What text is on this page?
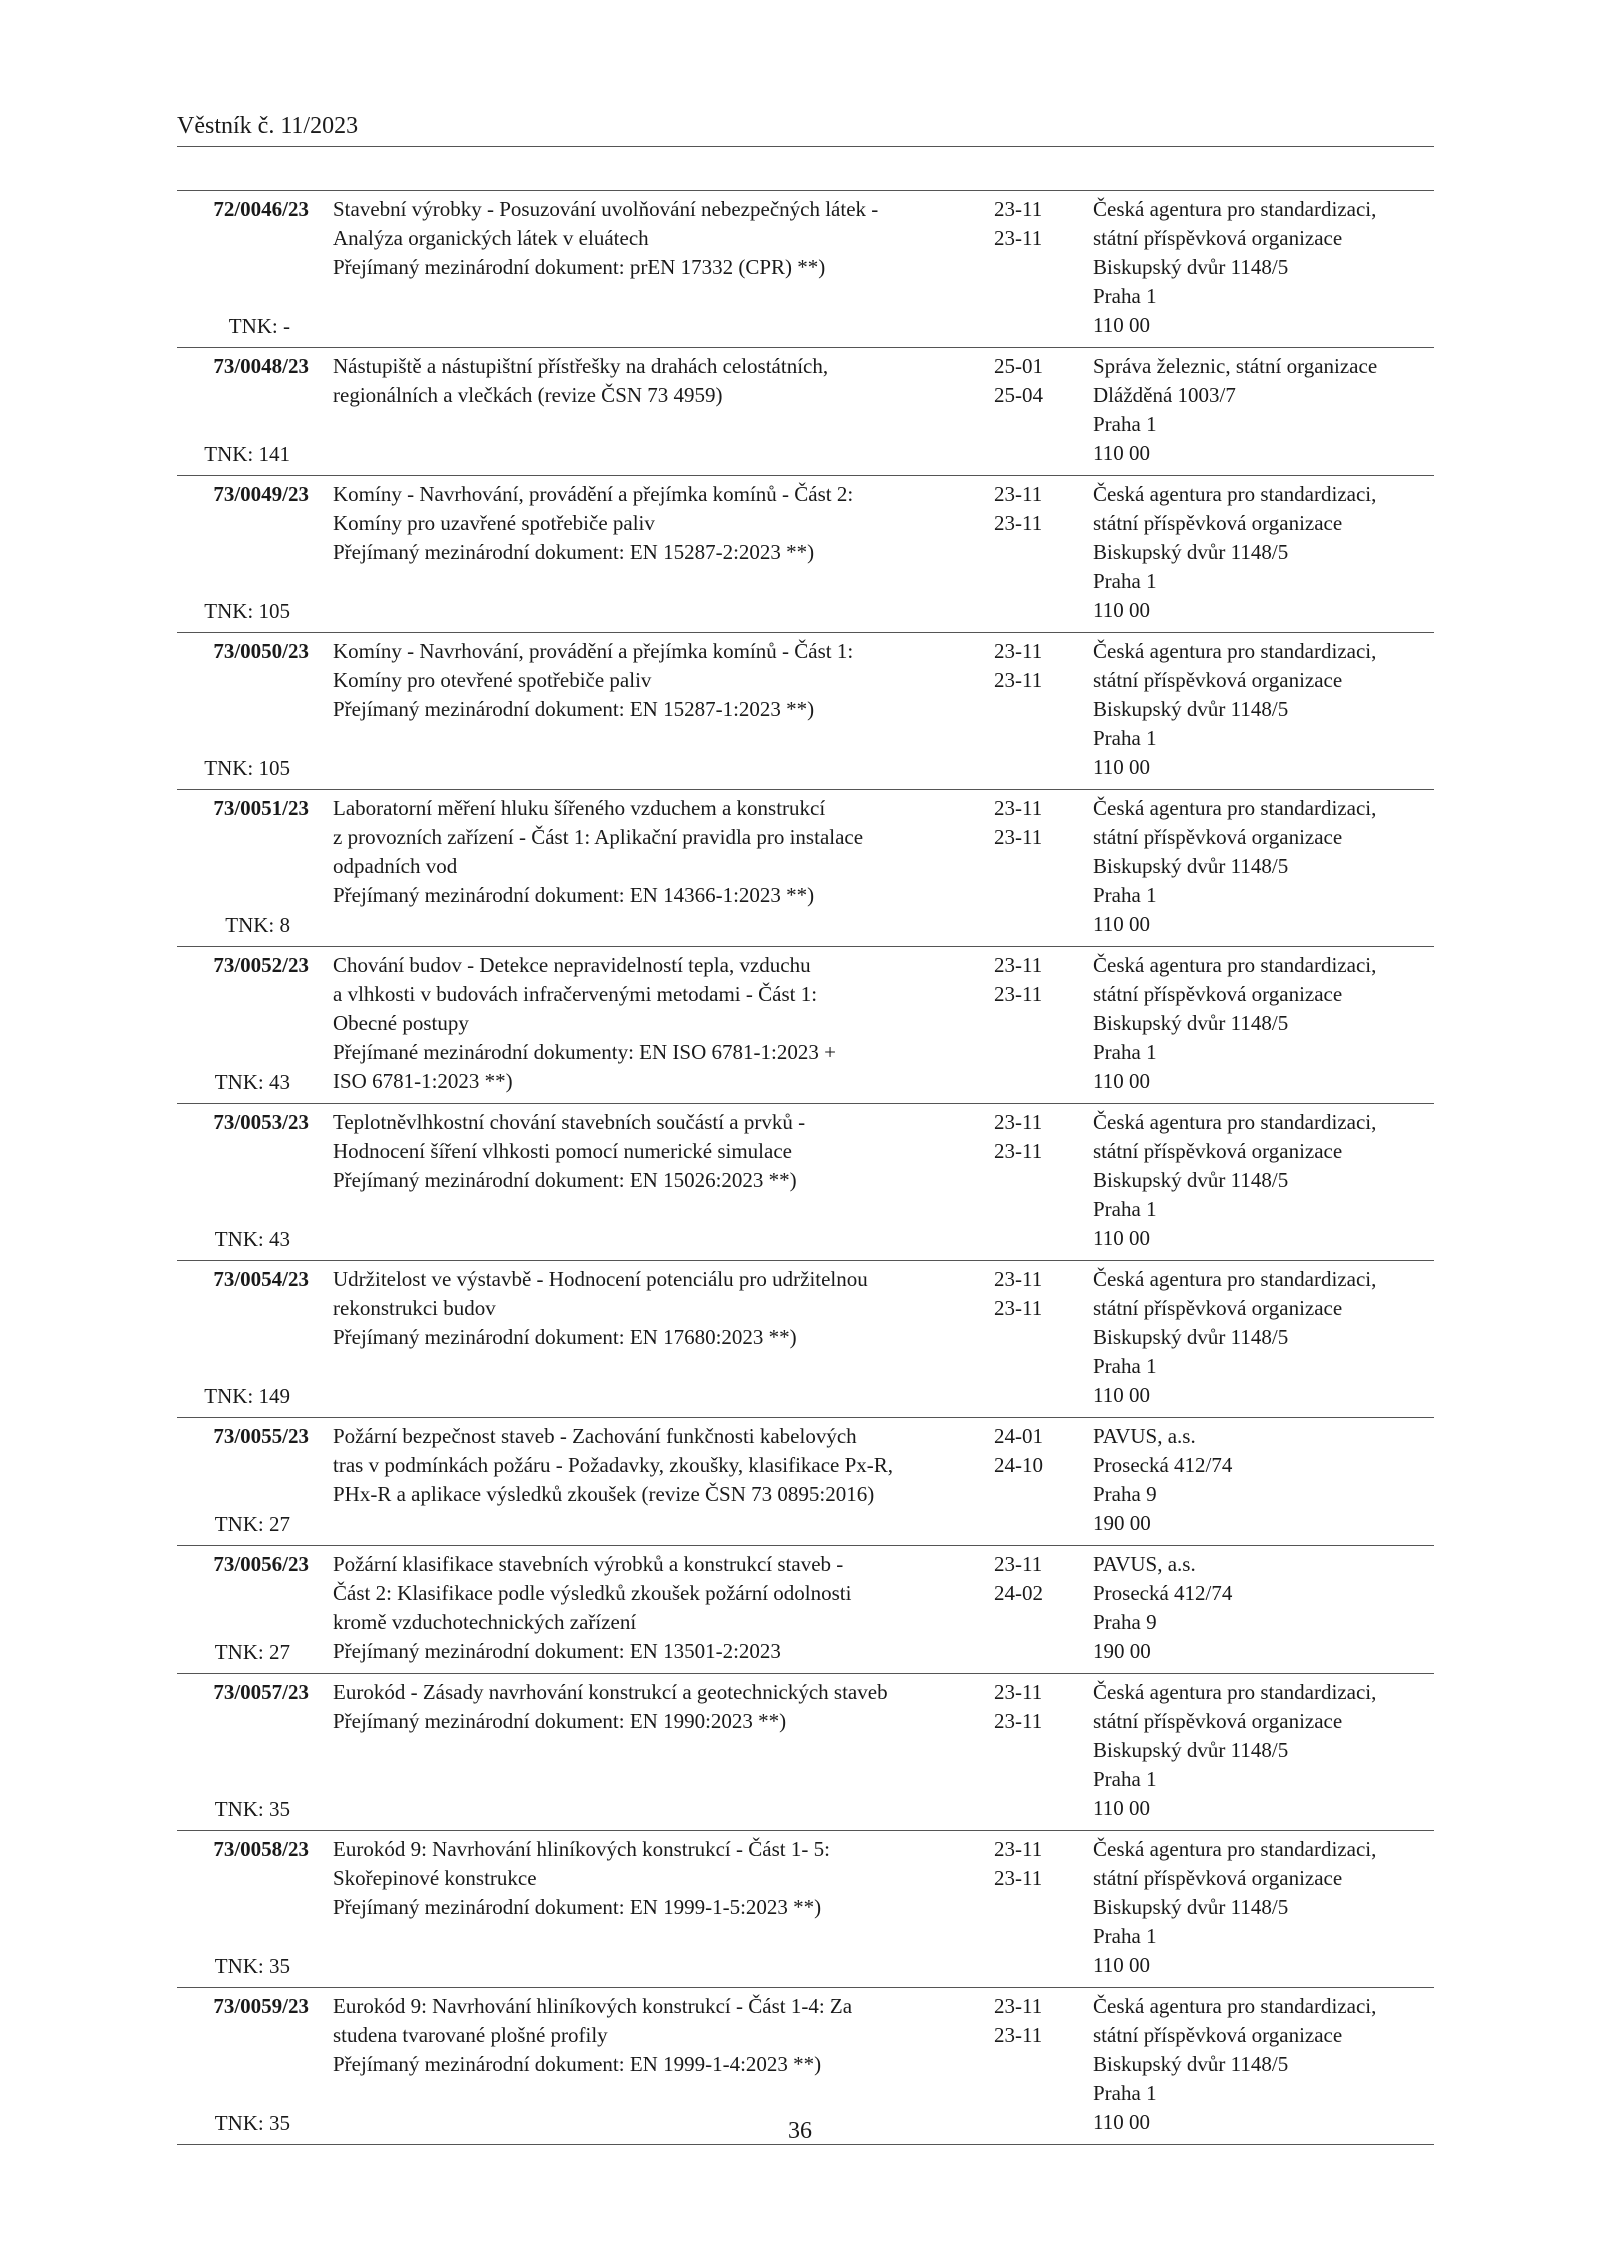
Věstník č. 11/2023
72/0046/23
TNK: -
Stavební výrobky - Posuzování uvolňování nebezpečných látek -
Analýza organických látek v eluátech
Přejímaný mezinárodní dokument: prEN 17332 (CPR) **)
23-11
23-11
Česká agentura pro standardizaci,
státní příspěvková organizace
Biskupský dvůr 1148/5
Praha 1
110 00
73/0048/23
TNK: 141
Nástupiště a nástupištní přístřešky na drahách celostátních,
regionálních a vlečkách (revize ČSN 73 4959)
25-01
25-04
Správa železnic, státní organizace
Dlážděná 1003/7
Praha 1
110 00
73/0049/23
TNK: 105
Komíny - Navrhování, provádění a přejímka komínů - Část 2:
Komíny pro uzavřené spotřebiče paliv
Přejímaný mezinárodní dokument: EN 15287-2:2023 **)
23-11
23-11
Česká agentura pro standardizaci,
státní příspěvková organizace
Biskupský dvůr 1148/5
Praha 1
110 00
73/0050/23
TNK: 105
Komíny - Navrhování, provádění a přejímka komínů - Část 1:
Komíny pro otevřené spotřebiče paliv
Přejímaný mezinárodní dokument: EN 15287-1:2023 **)
23-11
23-11
Česká agentura pro standardizaci,
státní příspěvková organizace
Biskupský dvůr 1148/5
Praha 1
110 00
73/0051/23
TNK: 8
Laboratorní měření hluku šířeného vzduchem a konstrukcí
z provozních zařízení - Část 1: Aplikační pravidla pro instalace
odpadních vod
Přejímaný mezinárodní dokument: EN 14366-1:2023 **)
23-11
23-11
Česká agentura pro standardizaci,
státní příspěvková organizace
Biskupský dvůr 1148/5
Praha 1
110 00
73/0052/23
TNK: 43
Chování budov - Detekce nepravidelností tepla, vzduchu
a vlhkosti v budovách infračervenými metodami - Část 1:
Obecné postupy
Přejímané mezinárodní dokumenty: EN ISO 6781-1:2023 +
ISO 6781-1:2023 **)
23-11
23-11
Česká agentura pro standardizaci,
státní příspěvková organizace
Biskupský dvůr 1148/5
Praha 1
110 00
73/0053/23
TNK: 43
Teplotněvlhkostní chování stavebních součástí a prvků -
Hodnocení šíření vlhkosti pomocí numerické simulace
Přejímaný mezinárodní dokument: EN 15026:2023 **)
23-11
23-11
Česká agentura pro standardizaci,
státní příspěvková organizace
Biskupský dvůr 1148/5
Praha 1
110 00
73/0054/23
TNK: 149
Udržitelost ve výstavbě - Hodnocení potenciálu pro udržitelnou
rekonstrukci budov
Přejímaný mezinárodní dokument: EN 17680:2023 **)
23-11
23-11
Česká agentura pro standardizaci,
státní příspěvková organizace
Biskupský dvůr 1148/5
Praha 1
110 00
73/0055/23
TNK: 27
Požární bezpečnost staveb - Zachování funkčnosti kabelových
tras v podmínkách požáru - Požadavky, zkoušky, klasifikace Px-R,
PHx-R a aplikace výsledků zkoušek (revize ČSN 73 0895:2016)
24-01
24-10
PAVUS, a.s.
Prosecká 412/74
Praha 9
190 00
73/0056/23
TNK: 27
Požární klasifikace stavebních výrobků a konstrukcí staveb -
Část 2: Klasifikace podle výsledků zkoušek požární odolnosti
kromě vzduchotechnických zařízení
Přejímaný mezinárodní dokument: EN 13501-2:2023
23-11
24-02
PAVUS, a.s.
Prosecká 412/74
Praha 9
190 00
73/0057/23
TNK: 35
Eurokód - Zásady navrhování konstrukcí a geotechnických staveb
Přejímaný mezinárodní dokument: EN 1990:2023 **)
23-11
23-11
Česká agentura pro standardizaci,
státní příspěvková organizace
Biskupský dvůr 1148/5
Praha 1
110 00
73/0058/23
TNK: 35
Eurokód 9: Navrhování hliníkových konstrukcí - Část 1- 5:
Skořepinové konstrukce
Přejímaný mezinárodní dokument: EN 1999-1-5:2023 **)
23-11
23-11
Česká agentura pro standardizaci,
státní příspěvková organizace
Biskupský dvůr 1148/5
Praha 1
110 00
73/0059/23
TNK: 35
Eurokód 9: Navrhování hliníkových konstrukcí - Část 1-4: Za
studena tvarované plošné profily
Přejímaný mezinárodní dokument: EN 1999-1-4:2023 **)
23-11
23-11
Česká agentura pro standardizaci,
státní příspěvková organizace
Biskupský dvůr 1148/5
Praha 1
110 00
36
